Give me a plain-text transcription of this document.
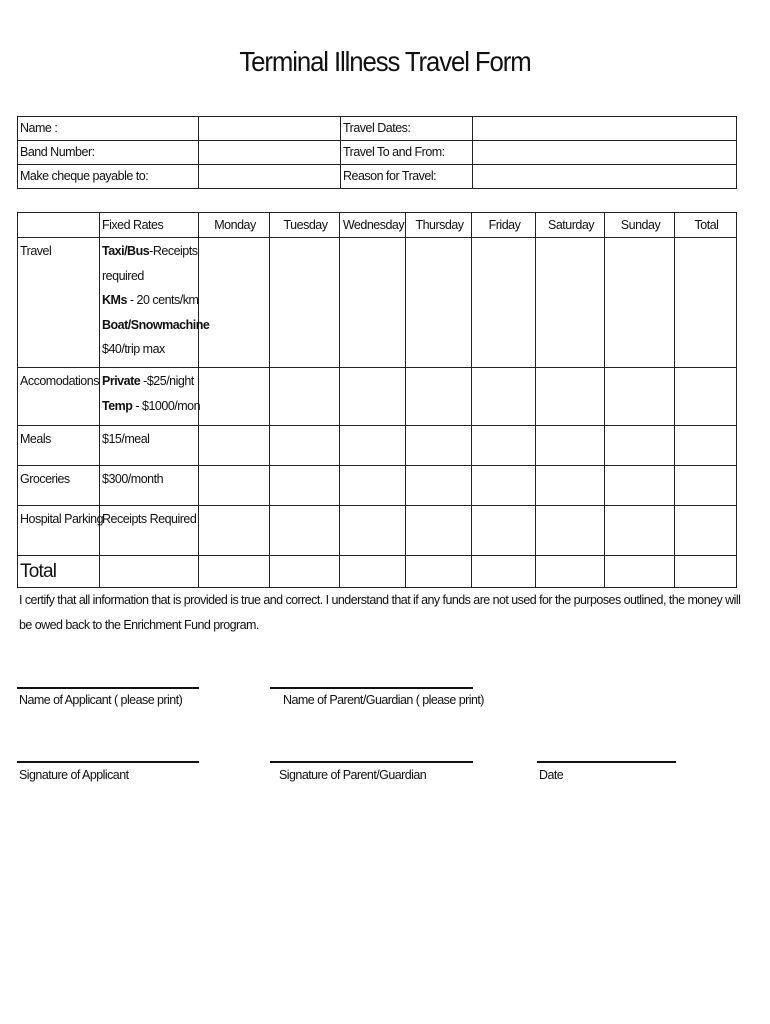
Terminal Illness Travel Form
Name :		Travel Dates:	
Band Number:		Travel To and From:	
Make cheque payable to:		Reason for Travel:	
	Fixed Rates	Monday	Tuesday	Wednesday	Thursday	Friday	Saturday	Sunday	Total
Travel	Taxi/Bus-Receipts
required
KMs - 20 cents/km
Boat/Snowmachine
$40/trip max								

Accomodations	Private -$25/night
Temp - $1000/mon								

Meals	$15/meal								
Groceries	$300/month								
Hospital Parking	Receipts Required								
Total									
I certify that all information that is provided is true and correct. I understand that if any funds are not used for the purposes outlined, the money will be owed back to the Enrichment Fund program.
Name of Applicant ( please print)	Name of Parent/Guardian ( please print)
Signature of Applicant	Signature of Parent/Guardian	Date
